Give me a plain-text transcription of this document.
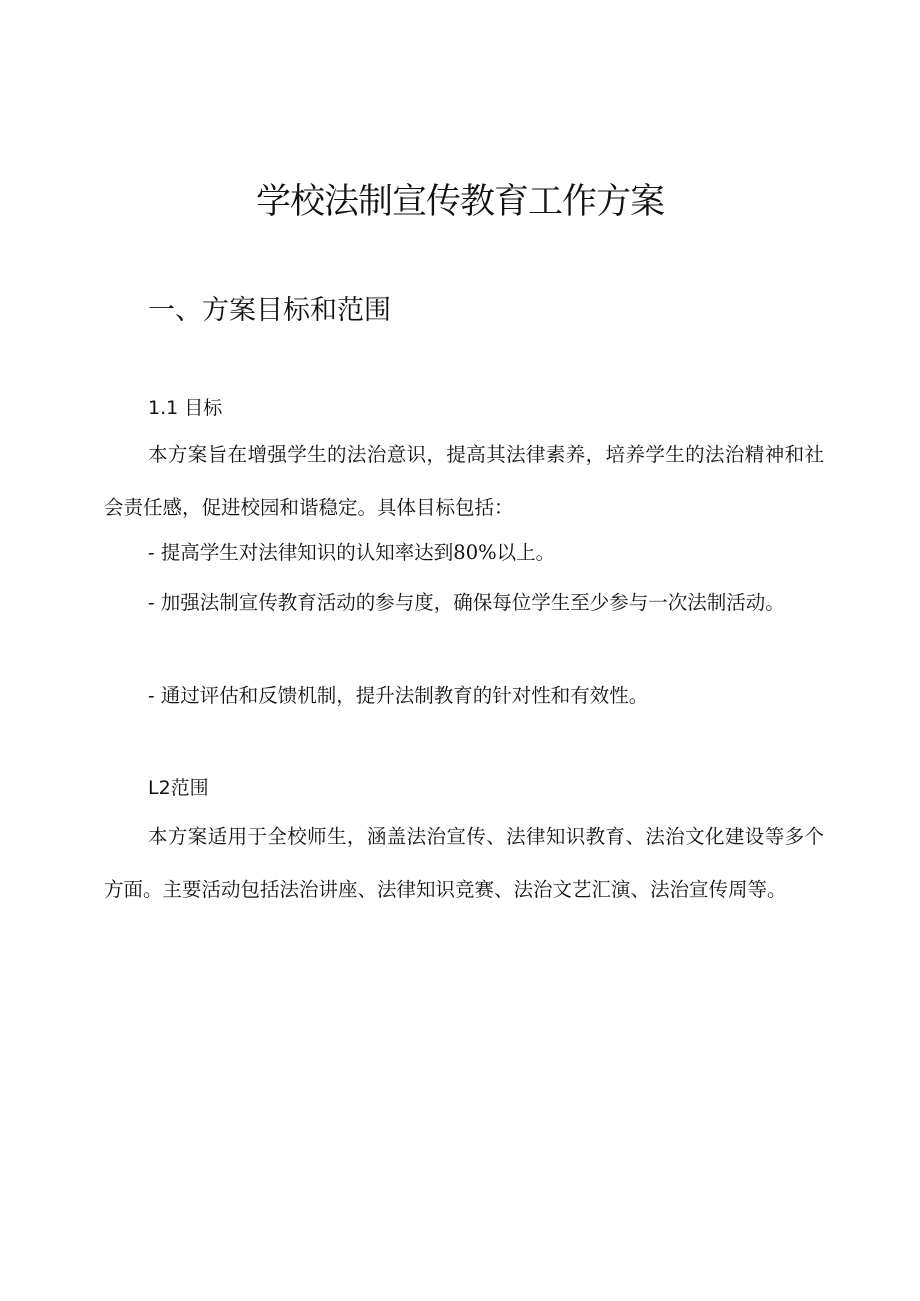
学校法制宣传教育工作方案
一、方案目标和范围
1.1 目标

本方案旨在增强学生的法治意识，提高其法律素养，培养学生的法治精神和社会责任感，促进校园和谐稳定。具体目标包括：

- 提高学生对法律知识的认知率达到80%以上。

- 加强法制宣传教育活动的参与度，确保每位学生至少参与一次法制活动。

- 通过评估和反馈机制，提升法制教育的针对性和有效性。

L2范围

本方案适用于全校师生，涵盖法治宣传、法律知识教育、法治文化建设等多个方面。主要活动包括法治讲座、法律知识竞赛、法治文艺汇演、法治宣传周等。
